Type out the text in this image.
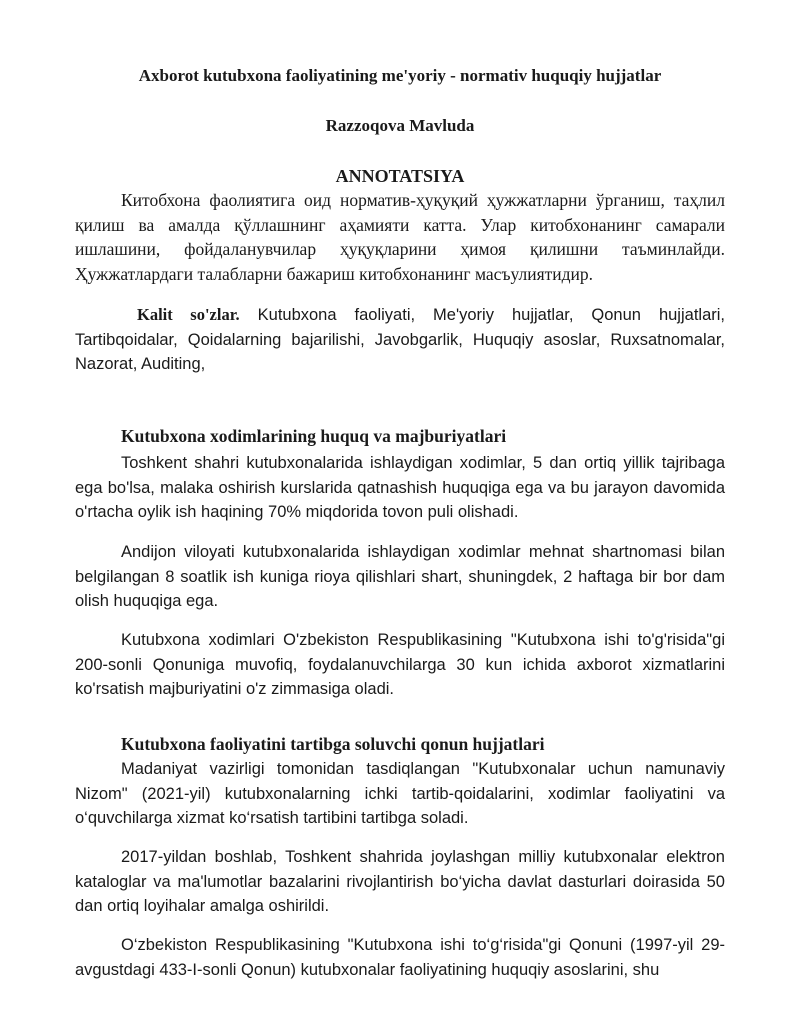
Axborot kutubxona faoliyatining me'yoriy - normativ huquqiy hujjatlar
Razzoqova Mavluda
ANNOTATSIYA

Китобхона фаолиятига оид норматив-ҳуқуқий ҳужжатларни ўрганиш, таҳлил қилиш ва амалда қўллашнинг аҳамияти катта. Улар китобхонанинг самарали ишлашини, фойдаланувчилар ҳуқуқларини ҳимоя қилишни таъминлайди. Ҳужжатлардаги талабларни бажариш китобхонанинг масъулиятидир.

Kalit so'zlar. Kutubxona faoliyati, Me'yoriy hujjatlar, Qonun hujjatlari, Tartibqoidalar, Qoidalarning bajarilishi, Javobgarlik, Huquqiy asoslar, Ruxsatnomalar, Nazorat, Auditing,

Kutubxona xodimlarining huquq va majburiyatlari

Toshkent shahri kutubxonalarida ishlaydigan xodimlar, 5 dan ortiq yillik tajribaga ega bo'lsa, malaka oshirish kurslarida qatnashish huquqiga ega va bu jarayon davomida o'rtacha oylik ish haqining 70% miqdorida tovon puli olishadi.

Andijon viloyati kutubxonalarida ishlaydigan xodimlar mehnat shartnomasi bilan belgilangan 8 soatlik ish kuniga rioya qilishlari shart, shuningdek, 2 haftaga bir bor dam olish huquqiga ega.

Kutubxona xodimlari O'zbekiston Respublikasining "Kutubxona ishi to'g'risida"gi 200-sonli Qonuniga muvofiq, foydalanuvchilarga 30 kun ichida axborot xizmatlarini ko'rsatish majburiyatini o'z zimmasiga oladi.

Kutubxona faoliyatini tartibga soluvchi qonun hujjatlari

Madaniyat vazirligi tomonidan tasdiqlangan "Kutubxonalar uchun namunaviy Nizom" (2021-yil) kutubxonalarning ichki tartib-qoidalarini, xodimlar faoliyatini va o‘quvchilarga xizmat ko‘rsatish tartibini tartibga soladi.

2017-yildan boshlab, Toshkent shahrida joylashgan milliy kutubxonalar elektron kataloglar va ma'lumotlar bazalarini rivojlantirish bo‘yicha davlat dasturlari doirasida 50 dan ortiq loyihalar amalga oshirildi.

O‘zbekiston Respublikasining "Kutubxona ishi to‘g‘risida"gi Qonuni (1997-yil 29-avgustdagi 433-I-sonli Qonun) kutubxonalar faoliyatining huquqiy asoslarini, shu
